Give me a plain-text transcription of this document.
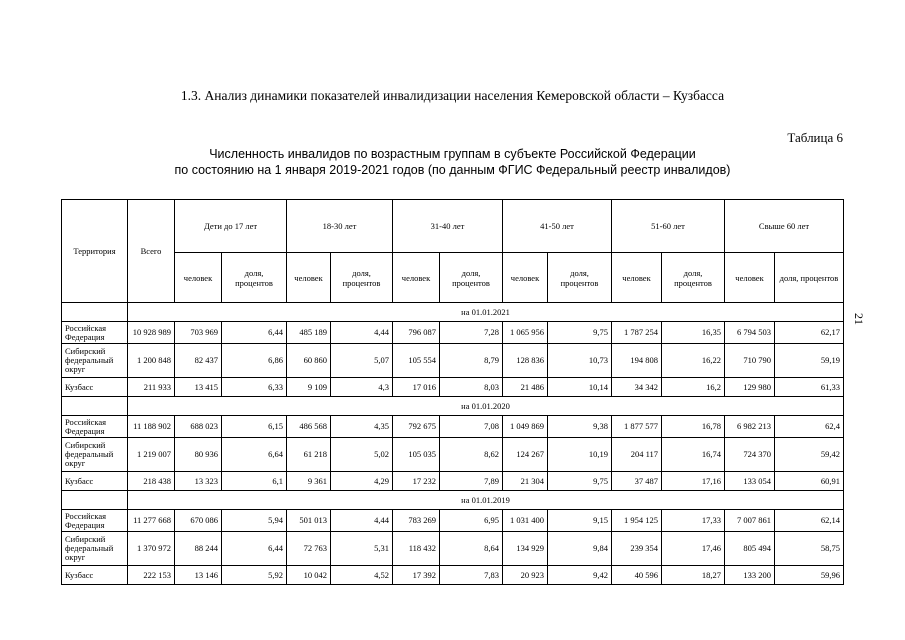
1.3. Анализ динамики показателей инвалидизации населения Кемеровской области – Кузбасса
Таблица 6
Численность инвалидов по возрастным группам в субъекте Российской Федерации
по состоянию на 1 января 2019-2021 годов (по данным ФГИС Федеральный реестр инвалидов)
21
Территория	Всего	Дети до 17 лет		18-30 лет		31-40 лет		41-50 лет		51-60 лет		Свыше 60 лет	
		человек	доля, процентов	человек	доля, процентов	человек	доля, процентов	человек	доля, процентов	человек	доля, процентов	человек	доля, процентов
	на 01.01.2021												
Российская Федерация	10 928 989	703 969	6,44	485 189	4,44	796 087	7,28	1 065 956	9,75	1 787 254	16,35	6 794 503	62,17
Сибирский федеральный округ	1 200 848	82 437	6,86	60 860	5,07	105 554	8,79	128 836	10,73	194 808	16,22	710 790	59,19
Кузбасс	211 933	13 415	6,33	9 109	4,3	17 016	8,03	21 486	10,14	34 342	16,2	129 980	61,33
	на 01.01.2020												
Российская Федерация	11 188 902	688 023	6,15	486 568	4,35	792 675	7,08	1 049 869	9,38	1 877 577	16,78	6 982 213	62,4
Сибирский федеральный округ	1 219 007	80 936	6,64	61 218	5,02	105 035	8,62	124 267	10,19	204 117	16,74	724 370	59,42
Кузбасс	218 438	13 323	6,1	9 361	4,29	17 232	7,89	21 304	9,75	37 487	17,16	133 054	60,91
	на 01.01.2019												
Российская Федерация	11 277 668	670 086	5,94	501 013	4,44	783 269	6,95	1 031 400	9,15	1 954 125	17,33	7 007 861	62,14
Сибирский федеральный округ	1 370 972	88 244	6,44	72 763	5,31	118 432	8,64	134 929	9,84	239 354	17,46	805 494	58,75
Кузбасс	222 153	13 146	5,92	10 042	4,52	17 392	7,83	20 923	9,42	40 596	18,27	133 200	59,96
